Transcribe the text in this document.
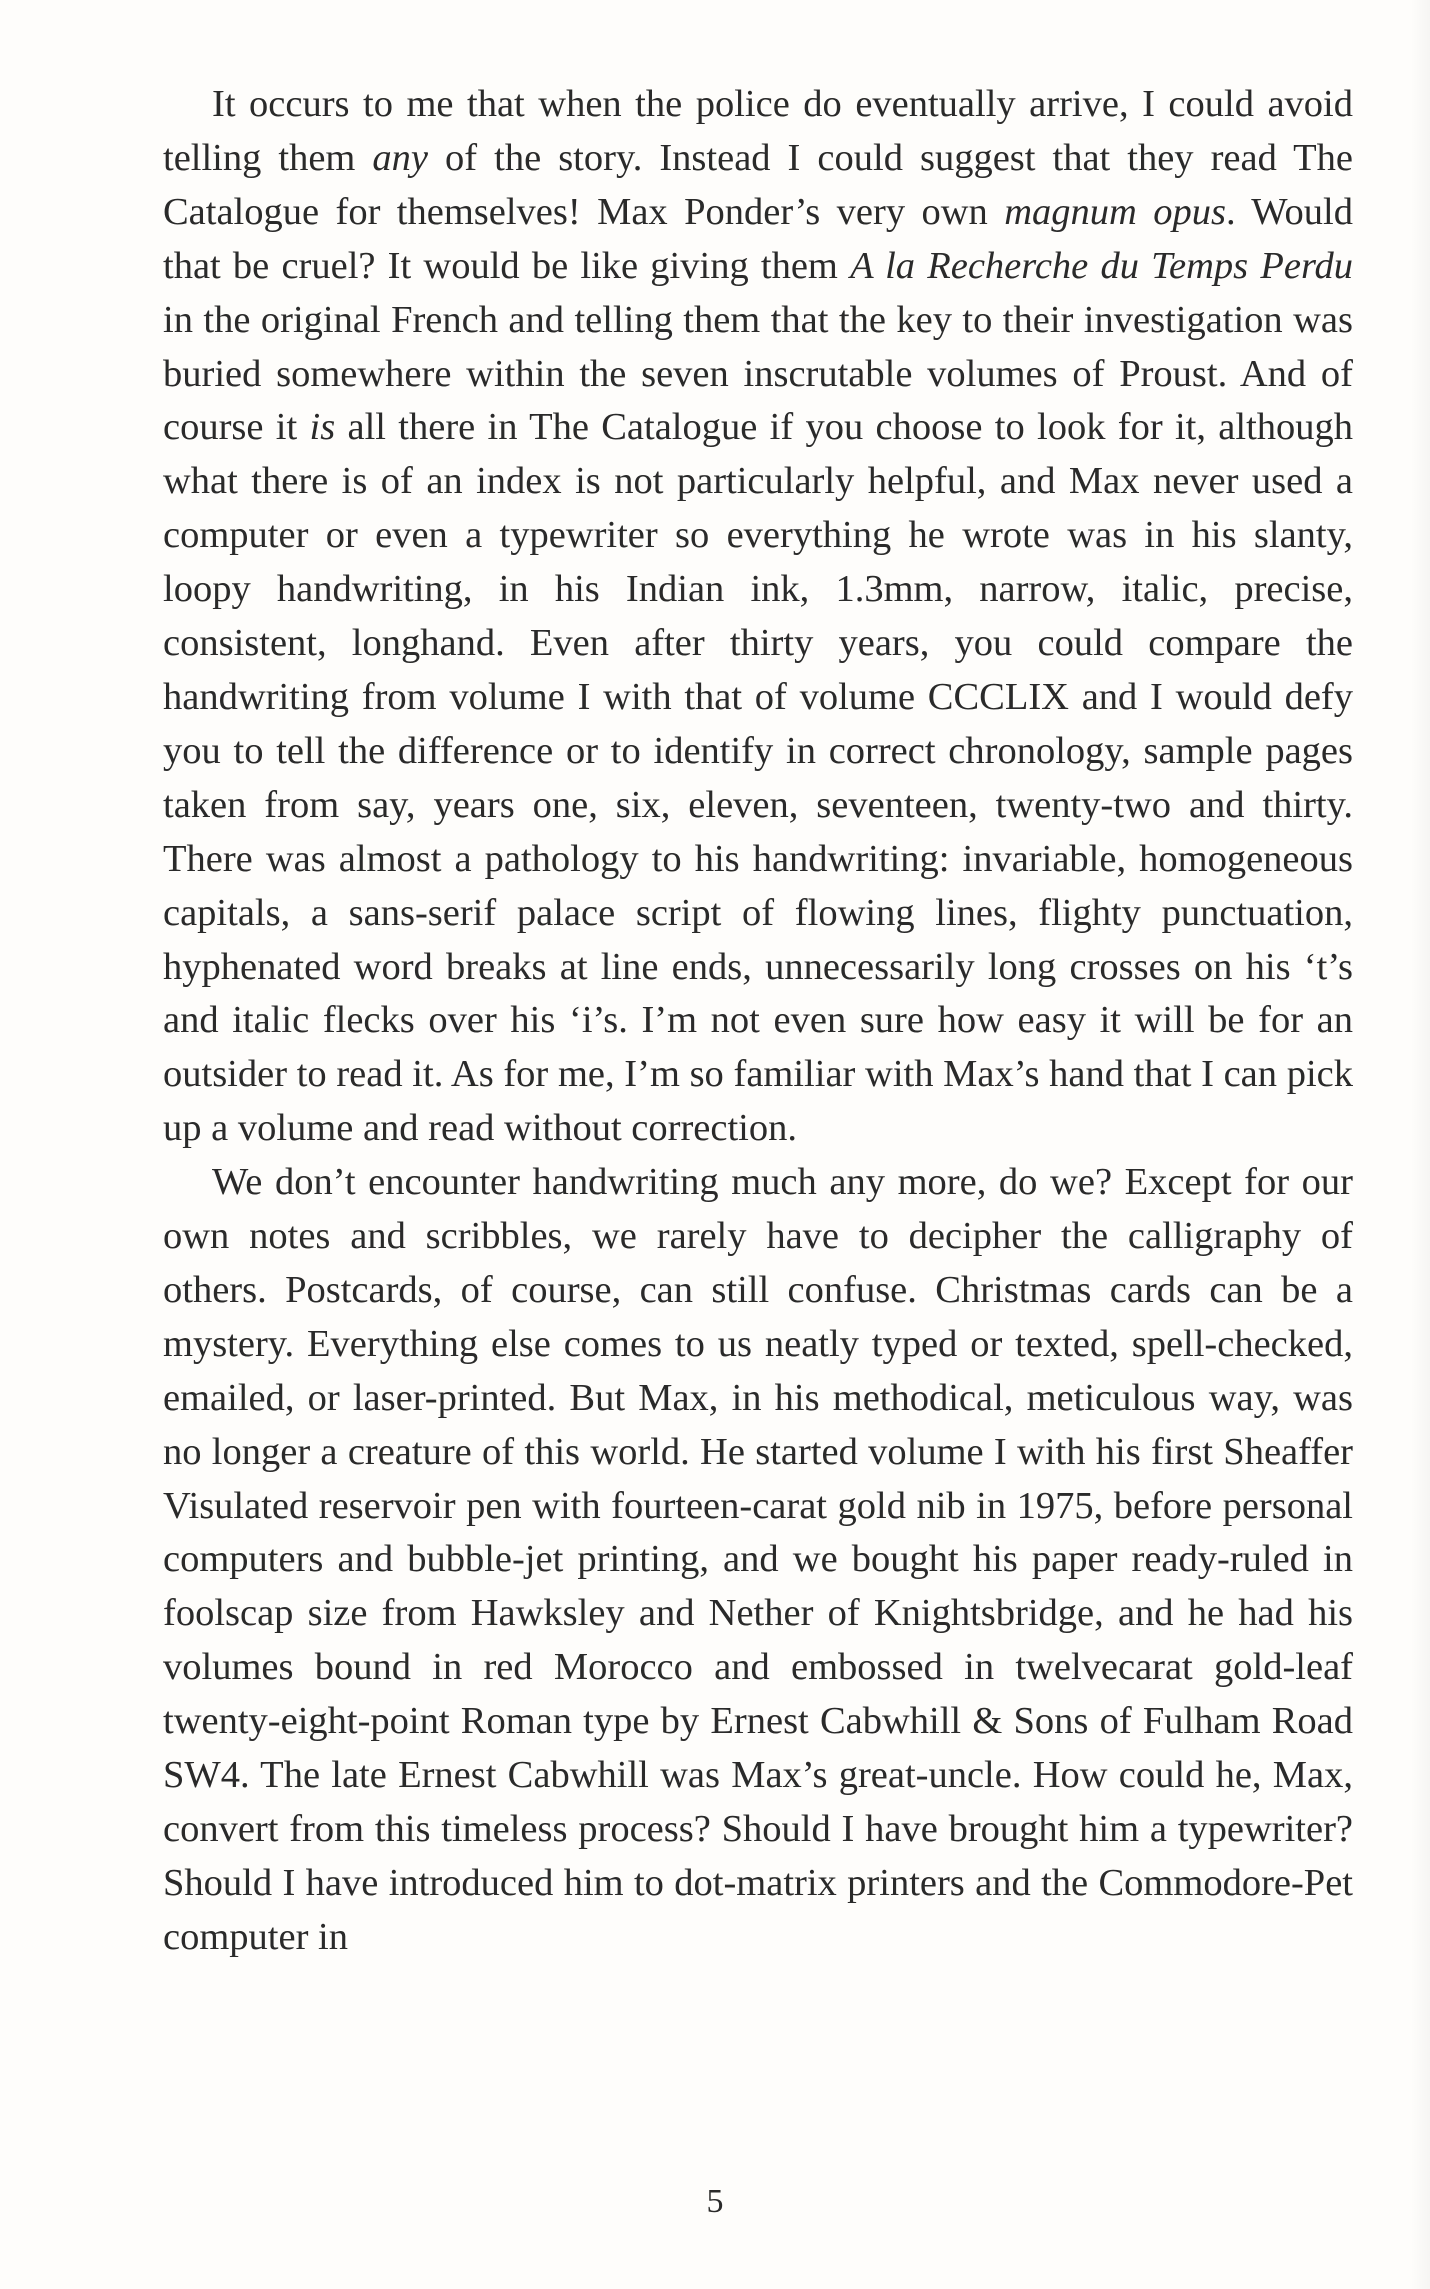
It occurs to me that when the police do eventually arrive, I could avoid telling them any of the story. Instead I could suggest that they read The Catalogue for themselves! Max Ponder’s very own magnum opus. Would that be cruel? It would be like giving them A la Recherche du Temps Perdu in the original French and telling them that the key to their investigation was buried somewhere within the seven inscrutable volumes of Proust. And of course it is all there in The Catalogue if you choose to look for it, although what there is of an index is not particularly helpful, and Max never used a computer or even a typewriter so everything he wrote was in his slanty, loopy handwriting, in his Indian ink, 1.3mm, narrow, italic, precise, consistent, longhand. Even after thirty years, you could compare the handwriting from volume I with that of volume CCCLIX and I would defy you to tell the difference or to identify in correct chronology, sample pages taken from say, years one, six, eleven, seventeen, twenty-two and thirty. There was almost a pathology to his handwriting: invariable, homogeneous capitals, a sans-serif palace script of flowing lines, flighty punctuation, hyphenated word breaks at line ends, unnecessarily long crosses on his ‘t’s and italic flecks over his ‘i’s. I’m not even sure how easy it will be for an outsider to read it. As for me, I’m so familiar with Max’s hand that I can pick up a volume and read without correction.

We don’t encounter handwriting much any more, do we? Except for our own notes and scribbles, we rarely have to decipher the calligraphy of others. Postcards, of course, can still confuse. Christmas cards can be a mystery. Everything else comes to us neatly typed or texted, spell-checked, emailed, or laser-printed. But Max, in his methodical, meticulous way, was no longer a creature of this world. He started volume I with his first Sheaffer Visulated reservoir pen with fourteen-carat gold nib in 1975, before personal computers and bubble-jet printing, and we bought his paper ready-ruled in foolscap size from Hawksley and Nether of Knightsbridge, and he had his volumes bound in red Morocco and embossed in twelvecarat gold-leaf twenty-eight-point Roman type by Ernest Cabwhill & Sons of Fulham Road SW4. The late Ernest Cabwhill was Max’s great-uncle. How could he, Max, convert from this timeless process? Should I have brought him a typewriter? Should I have introduced him to dot-matrix printers and the Commodore-Pet computer in

5
